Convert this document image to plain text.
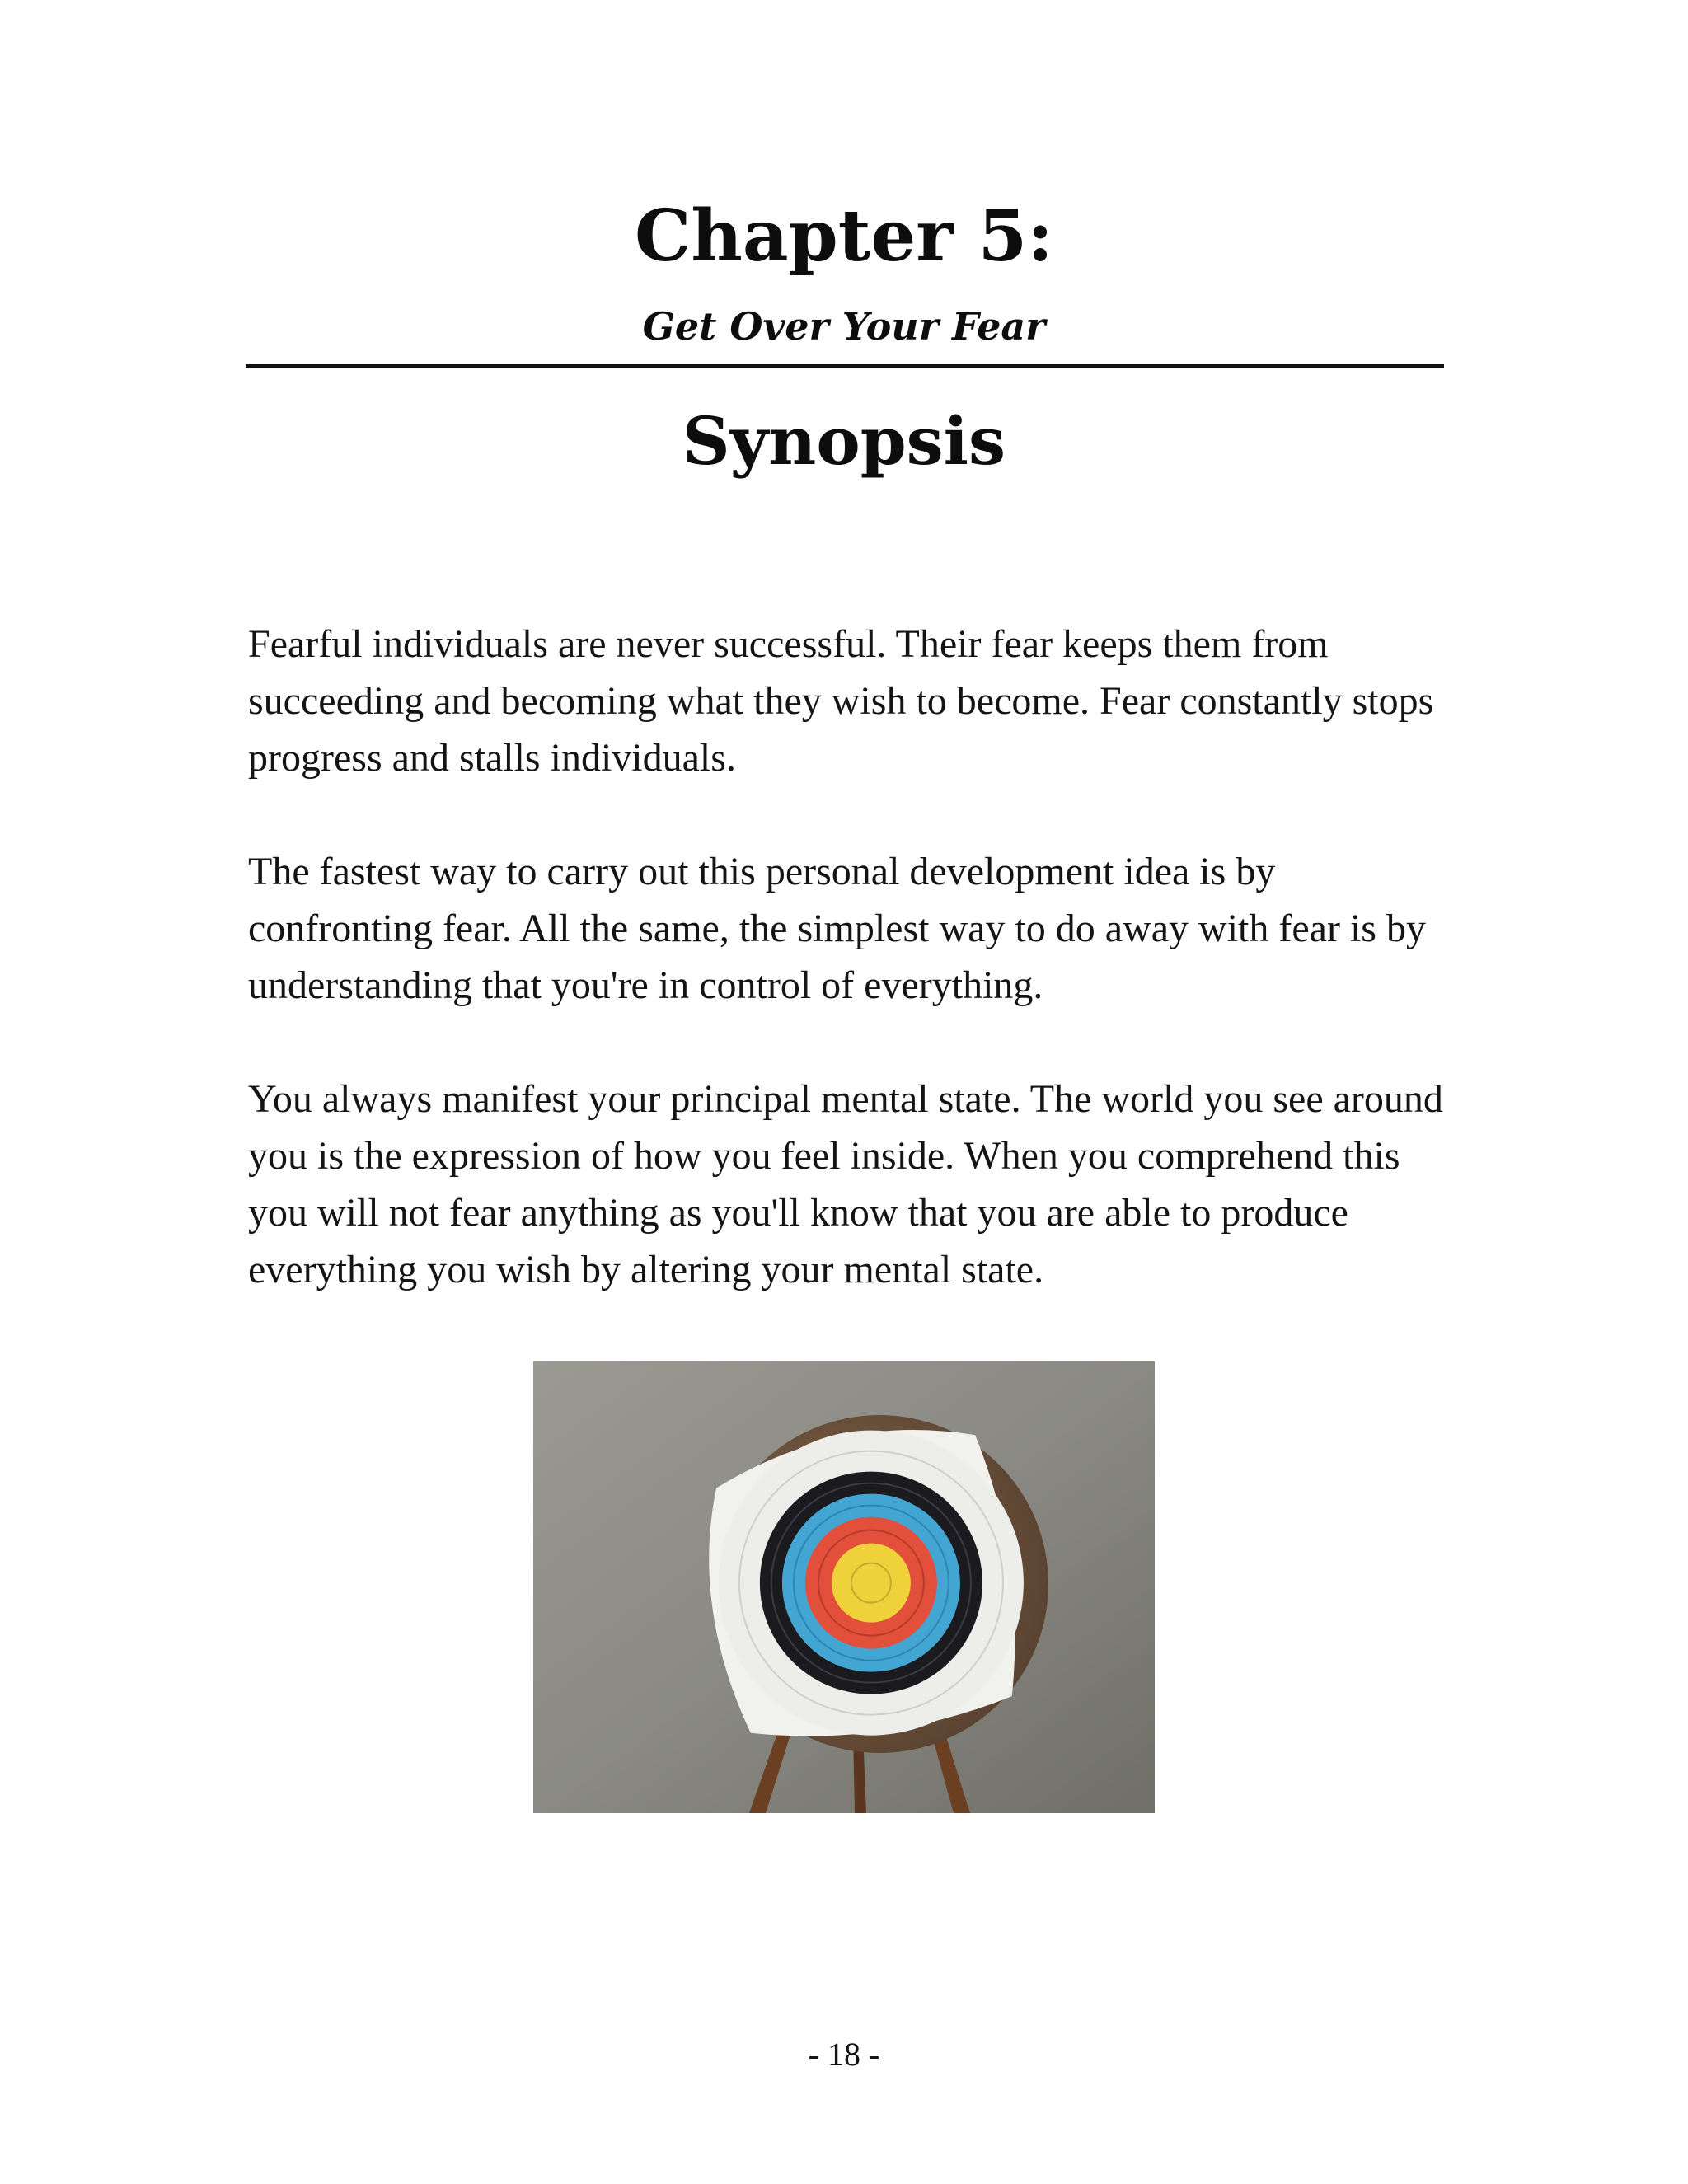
Chapter 5:
Get Over Your Fear
Synopsis

Fearful individuals are never successful. Their fear keeps them from succeeding and becoming what they wish to become. Fear constantly stops progress and stalls individuals.

The fastest way to carry out this personal development idea is by confronting fear. All the same, the simplest way to do away with fear is by understanding that you're in control of everything.

You always manifest your principal mental state. The world you see around you is the expression of how you feel inside. When you comprehend this you will not fear anything as you'll know that you are able to produce everything you wish by altering your mental state.

- 18 -
